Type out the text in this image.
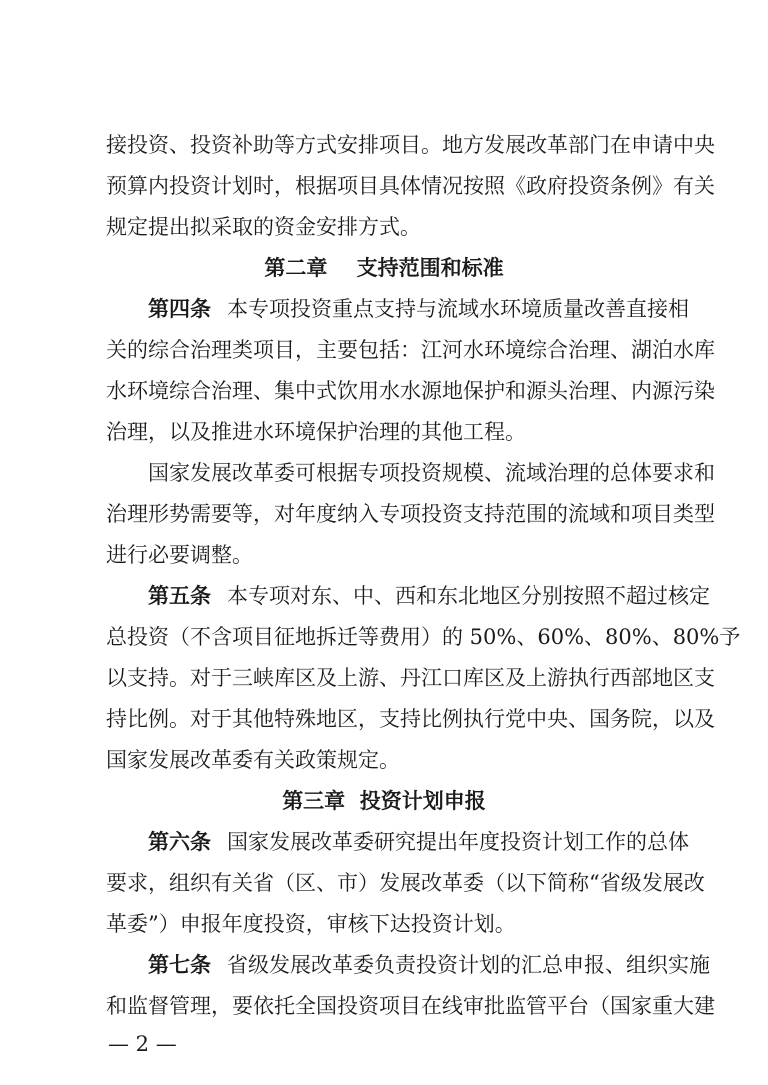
接投资、投资补助等方式安排项目。地方发展改革部门在申请中央
预算内投资计划时，根据项目具体情况按照《政府投资条例》有关
规定提出拟采取的资金安排方式。
第二章    支持范围和标准
第四条 本专项投资重点支持与流域水环境质量改善直接相
关的综合治理类项目，主要包括：江河水环境综合治理、湖泊水库
水环境综合治理、集中式饮用水水源地保护和源头治理、内源污染
治理，以及推进水环境保护治理的其他工程。
国家发展改革委可根据专项投资规模、流域治理的总体要求和
治理形势需要等，对年度纳入专项投资支持范围的流域和项目类型
进行必要调整。
第五条 本专项对东、中、西和东北地区分别按照不超过核定
总投资（不含项目征地拆迁等费用）的 50%、60%、80%、80%予
以支持。对于三峡库区及上游、丹江口库区及上游执行西部地区支
持比例。对于其他特殊地区，支持比例执行党中央、国务院，以及
国家发展改革委有关政策规定。
第三章  投资计划申报
第六条 国家发展改革委研究提出年度投资计划工作的总体
要求，组织有关省（区、市）发展改革委（以下简称“省级发展改
革委”）申报年度投资，审核下达投资计划。
第七条 省级发展改革委负责投资计划的汇总申报、组织实施
和监督管理，要依托全国投资项目在线审批监管平台（国家重大建
— 2 —
